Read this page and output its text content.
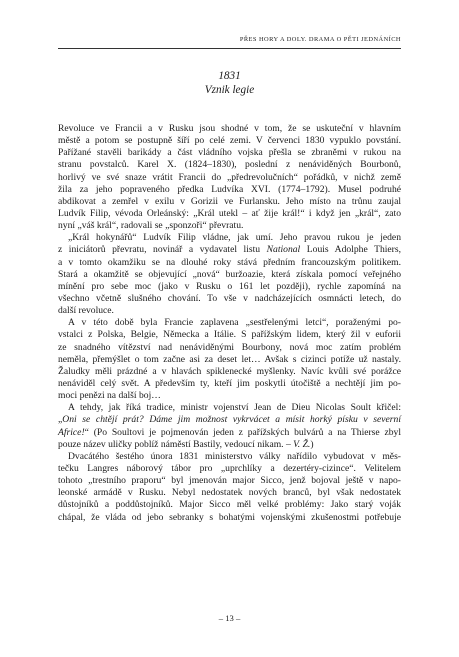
PŘES HORY A DOLY. DRAMA O PĚTI JEDNÁNÍCH
1831
Vznik legie
Revoluce ve Francii a v Rusku jsou shodné v tom, že se uskuteční v hlavním
městě a potom se postupně šíří po celé zemi. V červenci 1830 vypuklo povstání.
Pařížané stavěli barikády a část vládního vojska přešla se zbraněmi v rukou na
stranu povstalců. Karel X. (1824–1830), poslední z nenáviděných Bourbonů,
horlivý ve své snaze vrátit Francii do „předrevolučních“ pořádků, v nichž země
žila za jeho popraveného předka Ludvíka XVI. (1774–1792). Musel podruhé
abdikovat a zemřel v exilu v Gorizii ve Furlansku. Jeho místo na trůnu zaujal
Ludvík Filip, vévoda Orleánský: „Král utekl – ať žije král!“ i když jen „král“, zato
nyní „váš král“, radovali se „sponzoři“ převratu.
„Král hokynářů“ Ludvík Filip vládne, jak umí. Jeho pravou rukou je jeden
z iniciátorů převratu, novinář a vydavatel listu National Louis Adolphe Thiers,
a v tomto okamžiku se na dlouhé roky stává předním francouzským politikem.
Stará a okamžitě se objevující „nová“ buržoazie, která získala pomocí veřejného
mínění pro sebe moc (jako v Rusku o 161 let později), rychle zapomíná na
všechno včetně slušného chování. To vše v nadcházejících osmnácti letech, do
další revoluce.
A v této době byla Francie zaplavena „sestřelenými letci“, poraženými po-
vstalci z Polska, Belgie, Německa a Itálie. S pařížským lidem, který žil v euforii
ze snadného vítězství nad nenáviděnými Bourbony, nová moc zatím problém
neměla, přemýšlet o tom začne asi za deset let… Avšak s cizinci potíže už nastaly.
Žaludky měli prázdné a v hlavách spiklenecké myšlenky. Navíc kvůli své porážce
nenáviděl celý svět. A především ty, kteří jim poskytli útočiště a nechtějí jim po-
moci penězi na další boj…
A tehdy, jak říká tradice, ministr vojenství Jean de Dieu Nicolas Soult křičel:
„Oni se chtějí prát? Dáme jim možnost vykrvácet a mísit horký písku v severní
Africe!“ (Po Soultovi je pojmenován jeden z pařížských bulvárů a na Thierse zbyl
pouze název uličky poblíž náměstí Bastily, vedoucí nikam. – V. Ž.)
Dvacátého šestého února 1831 ministerstvo války nařídilo vybudovat v měs-
tečku Langres náborový tábor pro „uprchlíky a dezertéry-cizince“. Velitelem
tohoto „trestního praporu“ byl jmenován major Sicco, jenž bojoval ještě v napo-
leonské armádě v Rusku. Nebyl nedostatek nových branců, byl však nedostatek
důstojníků a poddůstojníků. Major Sicco měl velké problémy: Jako starý voják
chápal, že vláda od jebo sebranky s bohatými vojenskými zkušenostmi potřebuje
– 13 –
